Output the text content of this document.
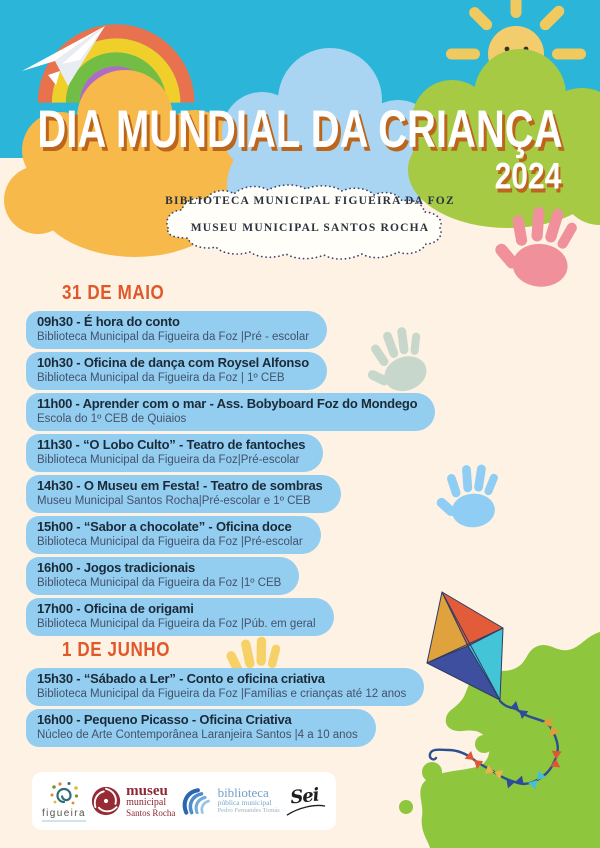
DIA MUNDIAL DA CRIANÇA
2024

BIBLIOTECA MUNICIPAL FIGUEIRA DA FOZ

MUSEU MUNICIPAL SANTOS ROCHA

31 DE MAIO
09h30 - É hora do conto
Biblioteca Municipal da Figueira da Foz |Pré - escolar
10h30 - Oficina de dança com Roysel Alfonso
Biblioteca Municipal da Figueira da Foz | 1º CEB
11h00 - Aprender com o mar - Ass. Bobyboard Foz do Mondego
Escola do 1º CEB de Quiaios
11h30 - “O Lobo Culto” - Teatro de fantoches
Biblioteca Municipal da Figueira da Foz|Pré-escolar
14h30 - O Museu em Festa! - Teatro de sombras
Museu Municipal Santos Rocha|Pré-escolar e 1º CEB
15h00 - “Sabor a chocolate” - Oficina doce
Biblioteca Municipal da Figueira da Foz |Pré-escolar
16h00 - Jogos tradicionais
Biblioteca Municipal da Figueira da Foz |1º CEB
17h00 - Oficina de origami
Biblioteca Municipal da Figueira da Foz |Púb. em geral
1 DE JUNHO
15h30 - “Sábado a Ler” - Conto e oficina criativa
Biblioteca Municipal da Figueira da Foz |Famílias e crianças até 12 anos
16h00 - Pequeno Picasso - Oficina Criativa
Núcleo de Arte Contemporânea Laranjeira Santos |4 a 10 anos
figueira
museu
municipal
Santos Rocha
biblioteca
pública municipal
Pedro Fernandes Tomás
Sei
